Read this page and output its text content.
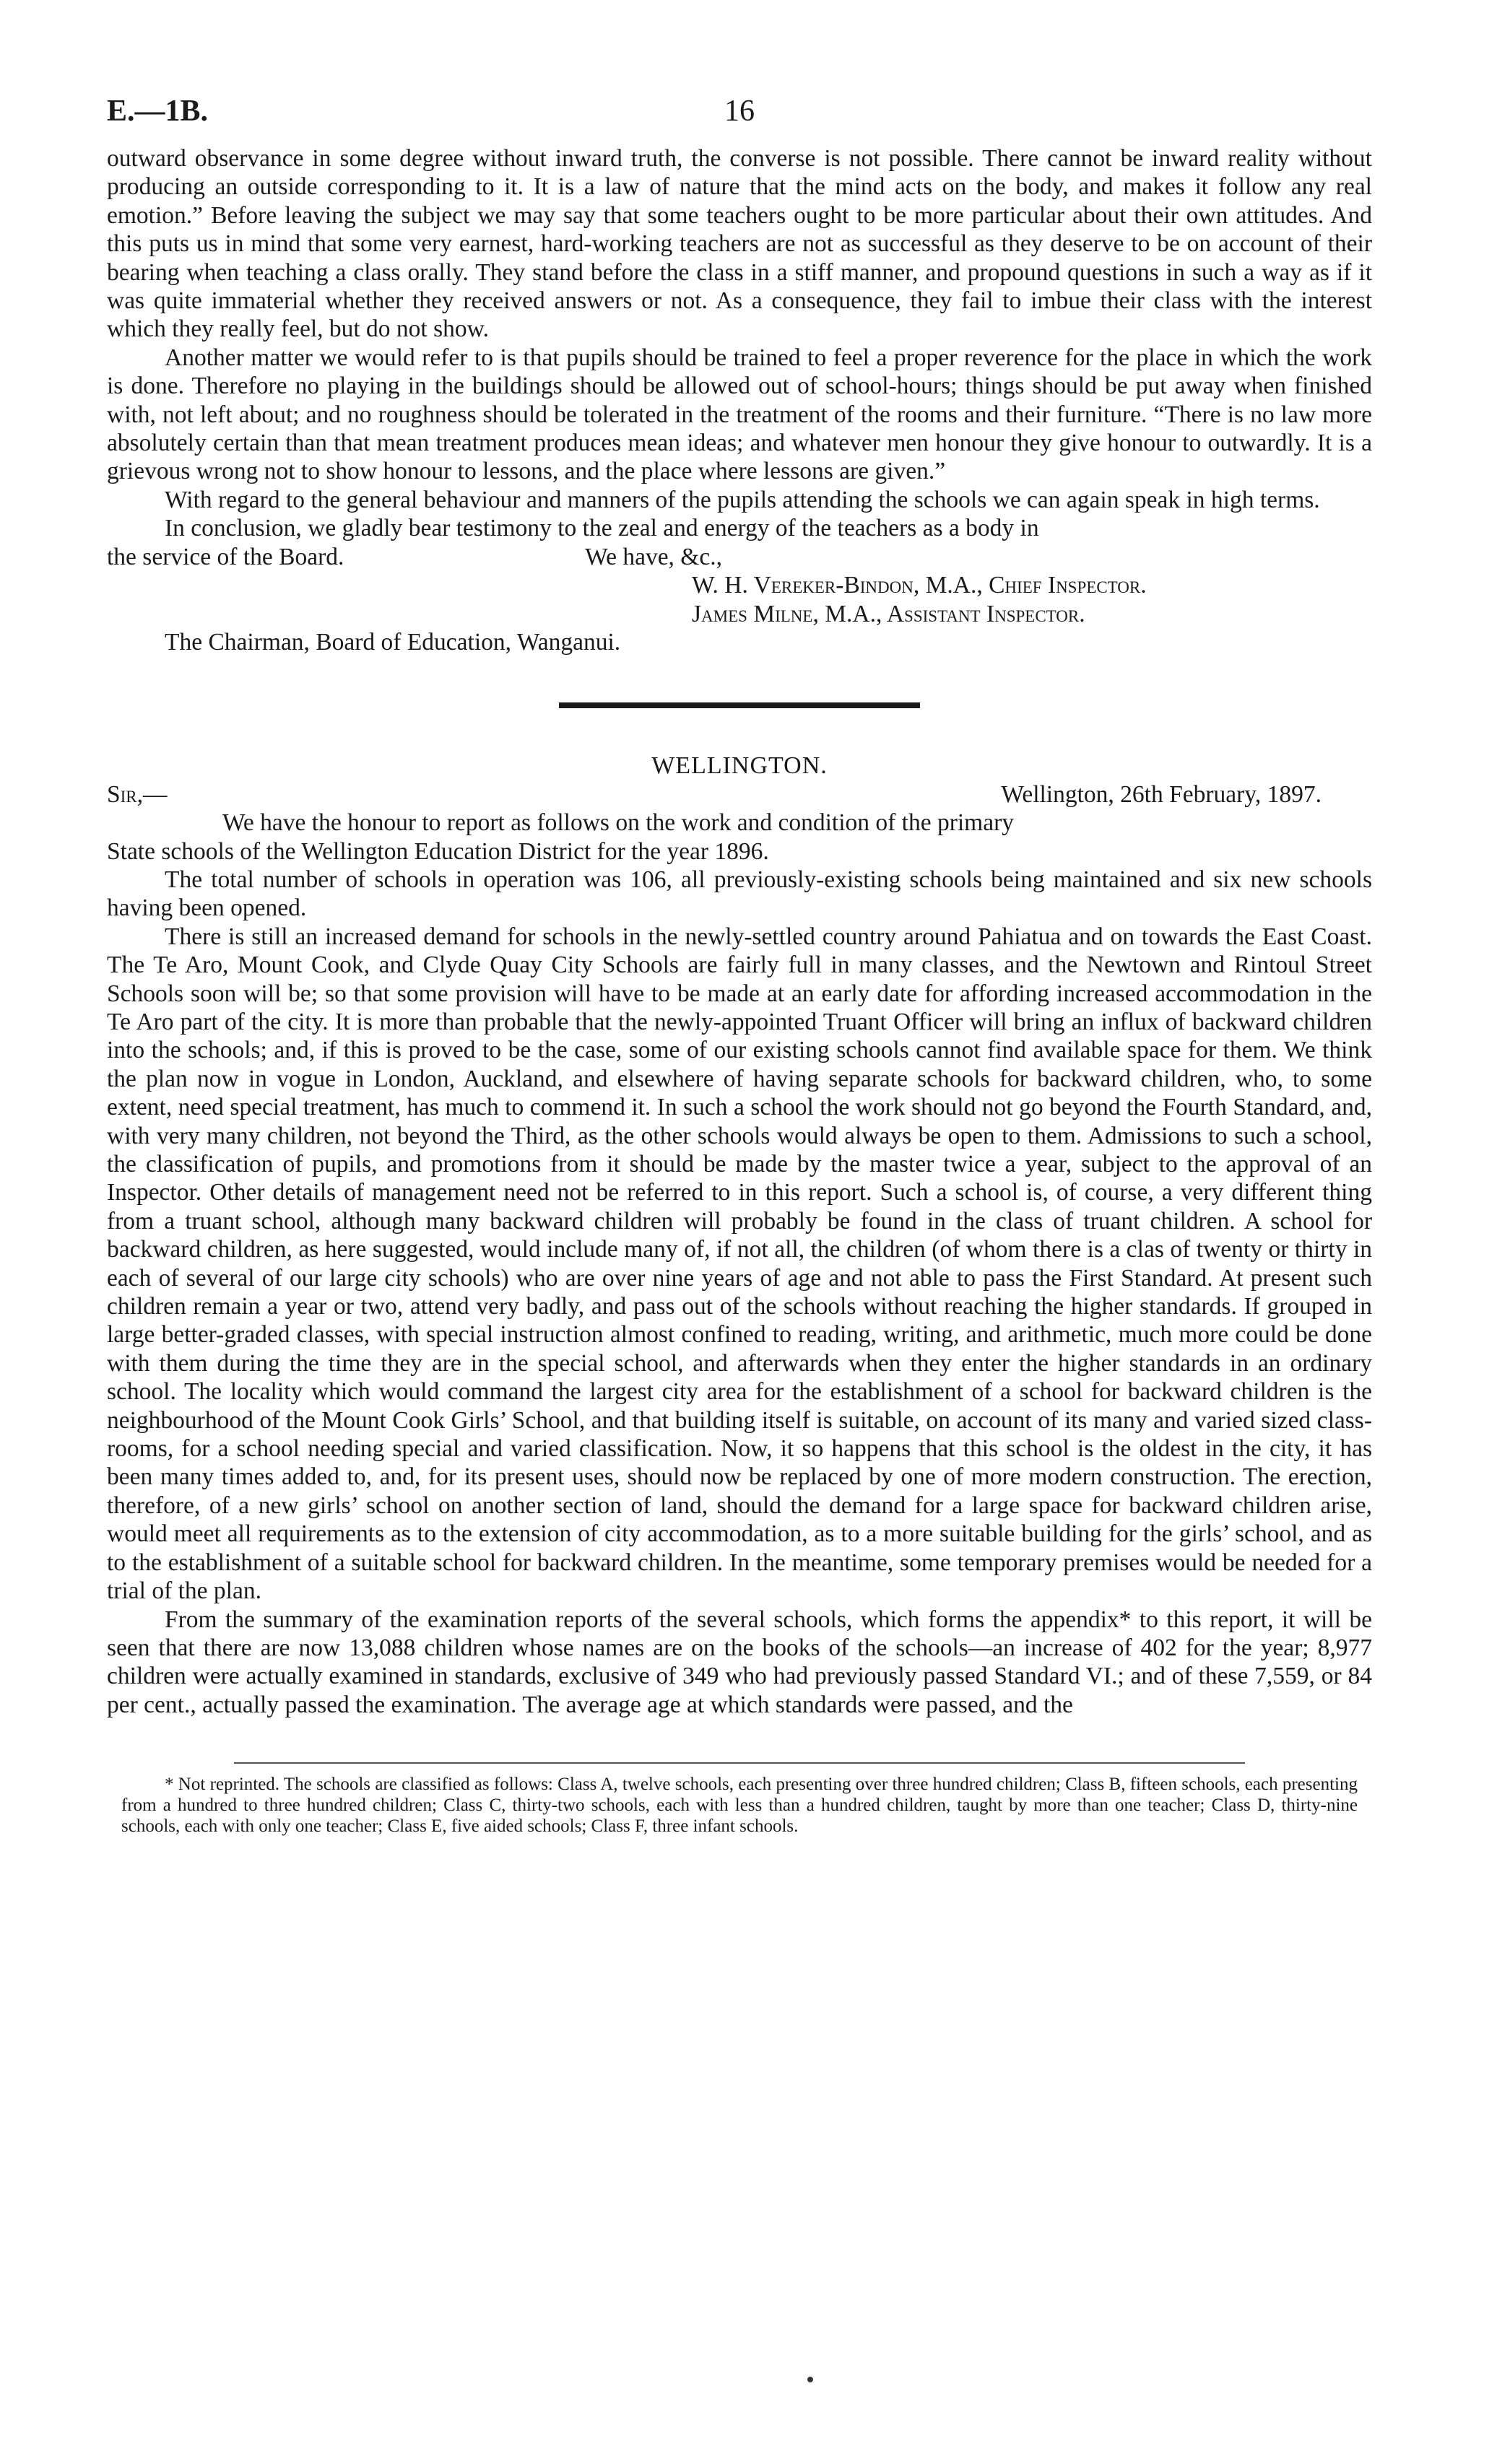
16
E.—1B.

outward observance in some degree without inward truth, the converse is not possible. There cannot be inward reality without producing an outside corresponding to it. It is a law of nature that the mind acts on the body, and makes it follow any real emotion.” Before leaving the subject we may say that some teachers ought to be more particular about their own attitudes. And this puts us in mind that some very earnest, hard-working teachers are not as successful as they deserve to be on account of their bearing when teaching a class orally. They stand before the class in a stiff manner, and propound questions in such a way as if it was quite immaterial whether they received answers or not. As a consequence, they fail to imbue their class with the interest which they really feel, but do not show.

Another matter we would refer to is that pupils should be trained to feel a proper reverence for the place in which the work is done. Therefore no playing in the buildings should be allowed out of school-hours; things should be put away when finished with, not left about; and no roughness should be tolerated in the treatment of the rooms and their furniture. “There is no law more absolutely certain than that mean treatment produces mean ideas; and whatever men honour they give honour to outwardly. It is a grievous wrong not to show honour to lessons, and the place where lessons are given.”

With regard to the general behaviour and manners of the pupils attending the schools we can again speak in high terms.

In conclusion, we gladly bear testimony to the zeal and energy of the teachers as a body in

the service of the Board.	We have, &c.,

W. H. Vereker-Bindon, M.A., Chief Inspector.

James Milne, M.A., Assistant Inspector.

The Chairman, Board of Education, Wanganui.

WELLINGTON.

Sir,—	Wellington, 26th February, 1897.

We have the honour to report as follows on the work and condition of the primary

State schools of the Wellington Education District for the year 1896.

The total number of schools in operation was 106, all previously-existing schools being maintained and six new schools having been opened.

There is still an increased demand for schools in the newly-settled country around Pahiatua and on towards the East Coast. The Te Aro, Mount Cook, and Clyde Quay City Schools are fairly full in many classes, and the Newtown and Rintoul Street Schools soon will be; so that some provision will have to be made at an early date for affording increased accommodation in the Te Aro part of the city. It is more than probable that the newly-appointed Truant Officer will bring an influx of backward children into the schools; and, if this is proved to be the case, some of our existing schools cannot find available space for them. We think the plan now in vogue in London, Auckland, and elsewhere of having separate schools for backward children, who, to some extent, need special treatment, has much to commend it. In such a school the work should not go beyond the Fourth Standard, and, with very many children, not beyond the Third, as the other schools would always be open to them. Admissions to such a school, the classification of pupils, and promotions from it should be made by the master twice a year, subject to the approval of an Inspector. Other details of management need not be referred to in this report. Such a school is, of course, a very different thing from a truant school, although many backward children will probably be found in the class of truant children. A school for backward children, as here suggested, would include many of, if not all, the children (of whom there is a clas of twenty or thirty in each of several of our large city schools) who are over nine years of age and not able to pass the First Standard. At present such children remain a year or two, attend very badly, and pass out of the schools without reaching the higher standards. If grouped in large better-graded classes, with special instruction almost confined to reading, writing, and arithmetic, much more could be done with them during the time they are in the special school, and afterwards when they enter the higher standards in an ordinary school. The locality which would command the largest city area for the establishment of a school for backward children is the neighbourhood of the Mount Cook Girls’ School, and that building itself is suitable, on account of its many and varied sized class-rooms, for a school needing special and varied classification. Now, it so happens that this school is the oldest in the city, it has been many times added to, and, for its present uses, should now be replaced by one of more modern construction. The erection, therefore, of a new girls’ school on another section of land, should the demand for a large space for backward children arise, would meet all requirements as to the extension of city accommodation, as to a more suitable building for the girls’ school, and as to the establishment of a suitable school for backward children. In the meantime, some temporary premises would be needed for a trial of the plan.

From the summary of the examination reports of the several schools, which forms the appendix* to this report, it will be seen that there are now 13,088 children whose names are on the books of the schools—an increase of 402 for the year; 8,977 children were actually examined in standards, exclusive of 349 who had previously passed Standard VI.; and of these 7,559, or 84 per cent., actually passed the examination. The average age at which standards were passed, and the

* Not reprinted. The schools are classified as follows: Class A, twelve schools, each presenting over three hundred children; Class B, fifteen schools, each presenting from a hundred to three hundred children; Class C, thirty-two schools, each with less than a hundred children, taught by more than one teacher; Class D, thirty-nine schools, each with only one teacher; Class E, five aided schools; Class F, three infant schools.
